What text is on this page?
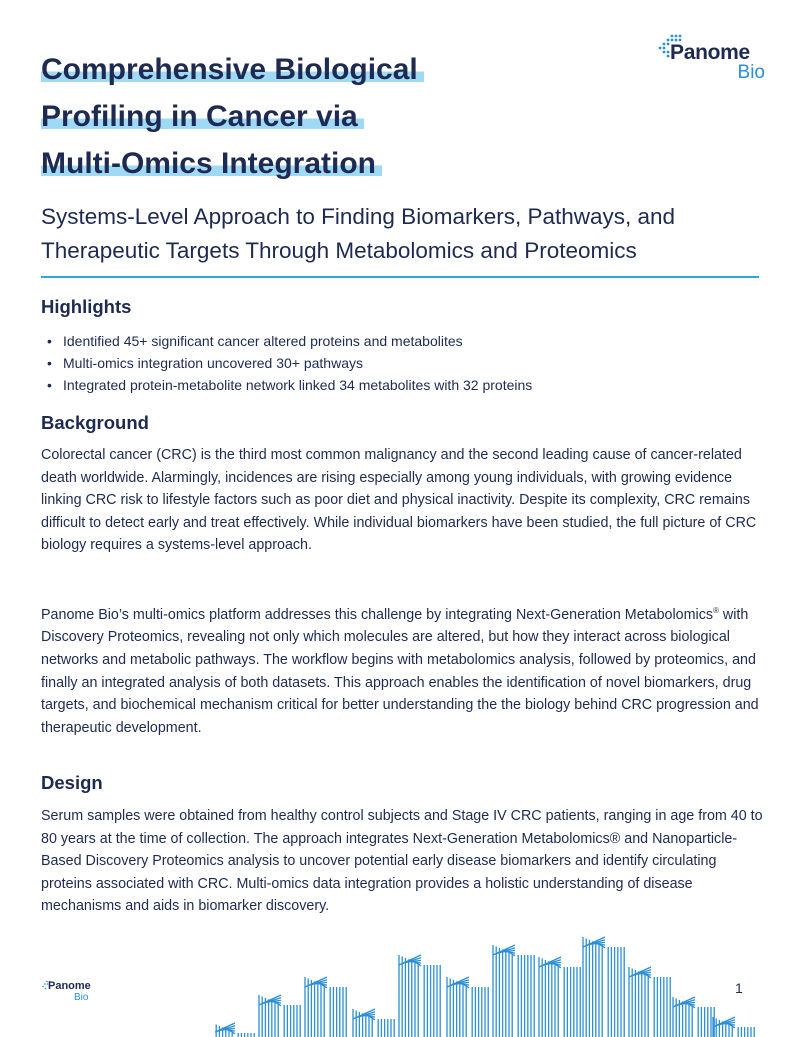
Panome
Bio
Comprehensive Biological
Profiling in Cancer via
Multi-Omics Integration

Systems-Level Approach to Finding Biomarkers, Pathways, and Therapeutic Targets Through Metabolomics and Proteomics

Highlights
• Identified 45+ significant cancer altered proteins and metabolites
• Multi-omics integration uncovered 30+ pathways
• Integrated protein-metabolite network linked 34 metabolites with 32 proteins
Background

Colorectal cancer (CRC) is the third most common malignancy and the second leading cause of cancer-related death worldwide. Alarmingly, incidences are rising especially among young individuals, with growing evidence linking CRC risk to lifestyle factors such as poor diet and physical inactivity. Despite its complexity, CRC remains difficult to detect early and treat effectively. While individual biomarkers have been studied, the full picture of CRC biology requires a systems-level approach.

Panome Bio’s multi-omics platform addresses this challenge by integrating Next-Generation Metabolomics® with Discovery Proteomics, revealing not only which molecules are altered, but how they interact across biological networks and metabolic pathways. The workflow begins with metabolomics analysis, followed by proteomics, and finally an integrated analysis of both datasets. This approach enables the identification of novel biomarkers, drug targets, and biochemical mechanism critical for better understanding the the biology behind CRC progression and therapeutic development.

Design

Serum samples were obtained from healthy control subjects and Stage IV CRC patients, ranging in age from 40 to 80 years at the time of collection. The approach integrates Next-Generation Metabolomics® and Nanoparticle-Based Discovery Proteomics analysis to uncover potential early disease biomarkers and identify circulating proteins associated with CRC. Multi-omics data integration provides a holistic understanding of disease mechanisms and aids in biomarker discovery.

Panome
Bio
1
